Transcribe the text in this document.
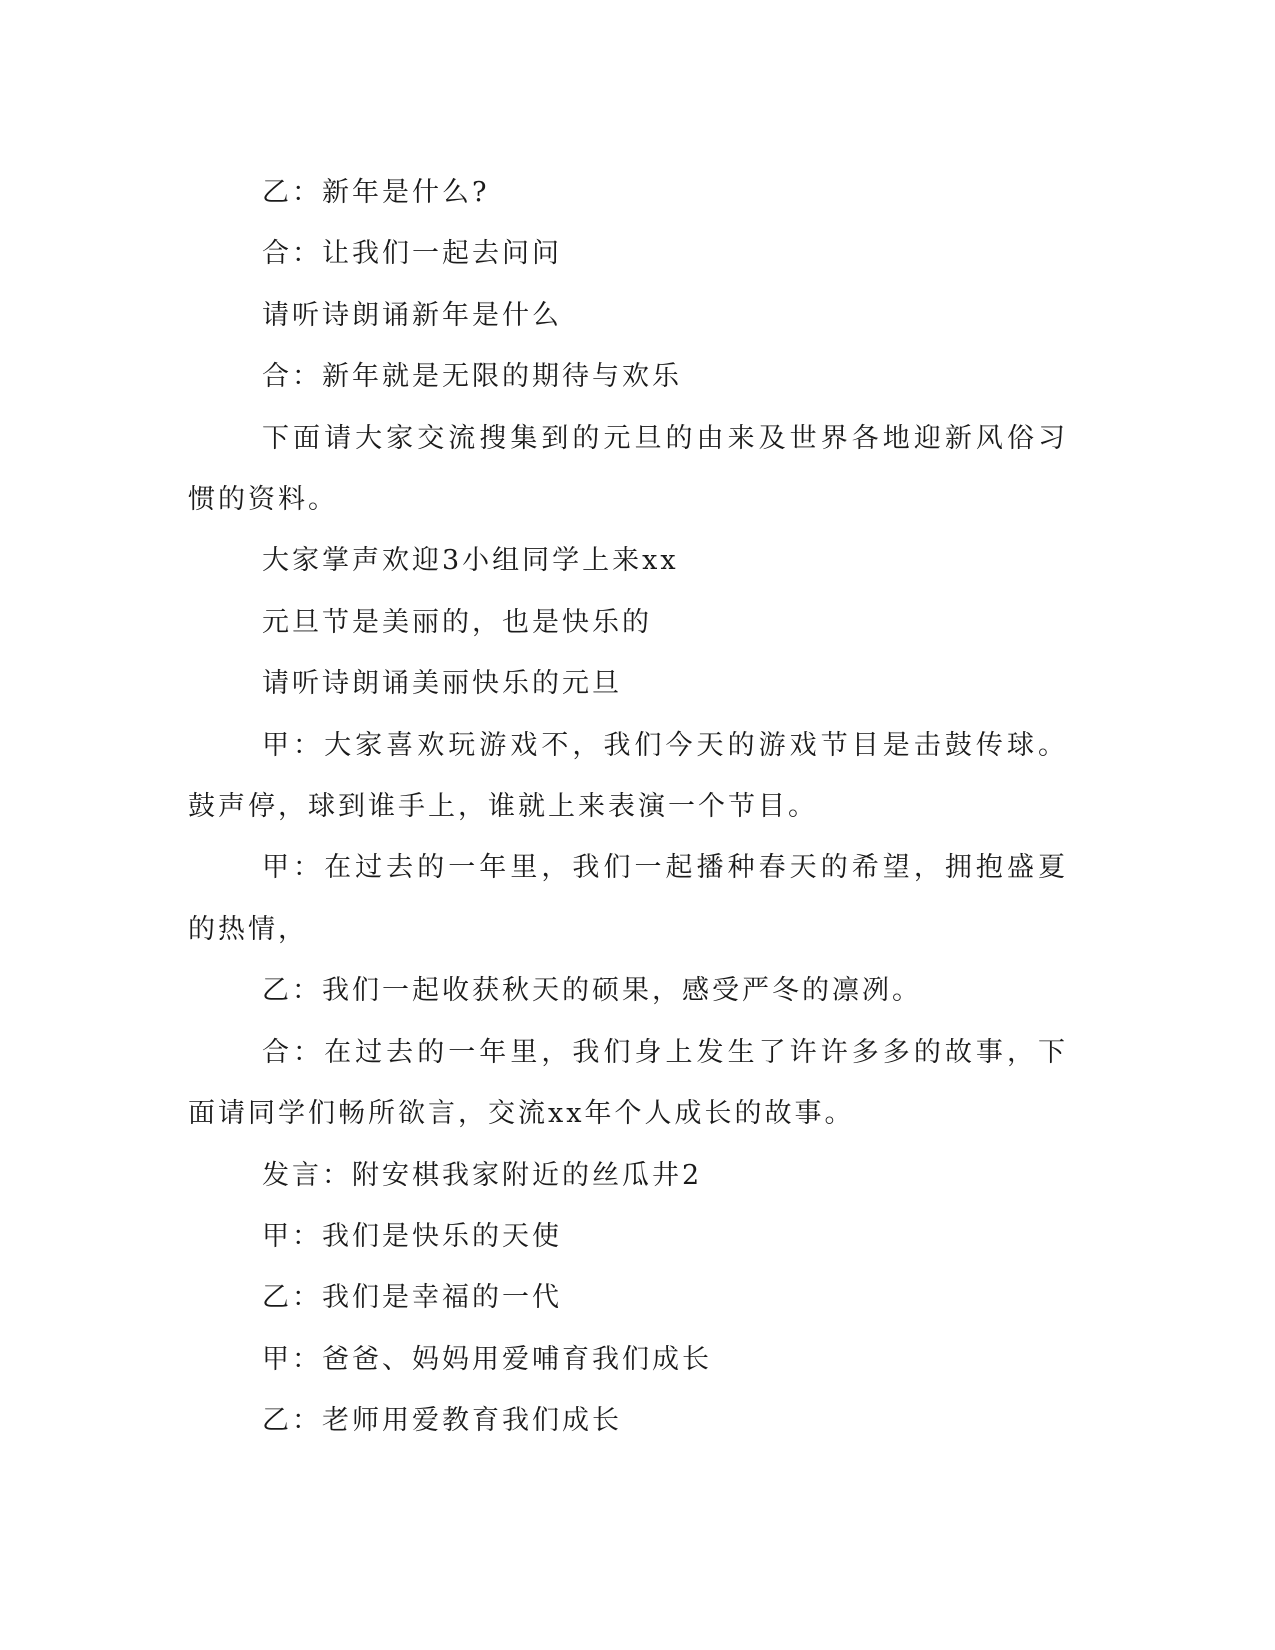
乙：新年是什么?

合：让我们一起去问问

请听诗朗诵新年是什么

合：新年就是无限的期待与欢乐

下面请大家交流搜集到的元旦的由来及世界各地迎新风俗习惯的资料。

大家掌声欢迎3小组同学上来xx

元旦节是美丽的，也是快乐的

请听诗朗诵美丽快乐的元旦

甲：大家喜欢玩游戏不，我们今天的游戏节目是击鼓传球。鼓声停，球到谁手上，谁就上来表演一个节目。

甲：在过去的一年里，我们一起播种春天的希望，拥抱盛夏的热情，

乙：我们一起收获秋天的硕果，感受严冬的凛冽。

合：在过去的一年里，我们身上发生了许许多多的故事，下面请同学们畅所欲言，交流xx年个人成长的故事。

发言：附安棋我家附近的丝瓜井2

甲：我们是快乐的天使

乙：我们是幸福的一代

甲：爸爸、妈妈用爱哺育我们成长

乙：老师用爱教育我们成长
